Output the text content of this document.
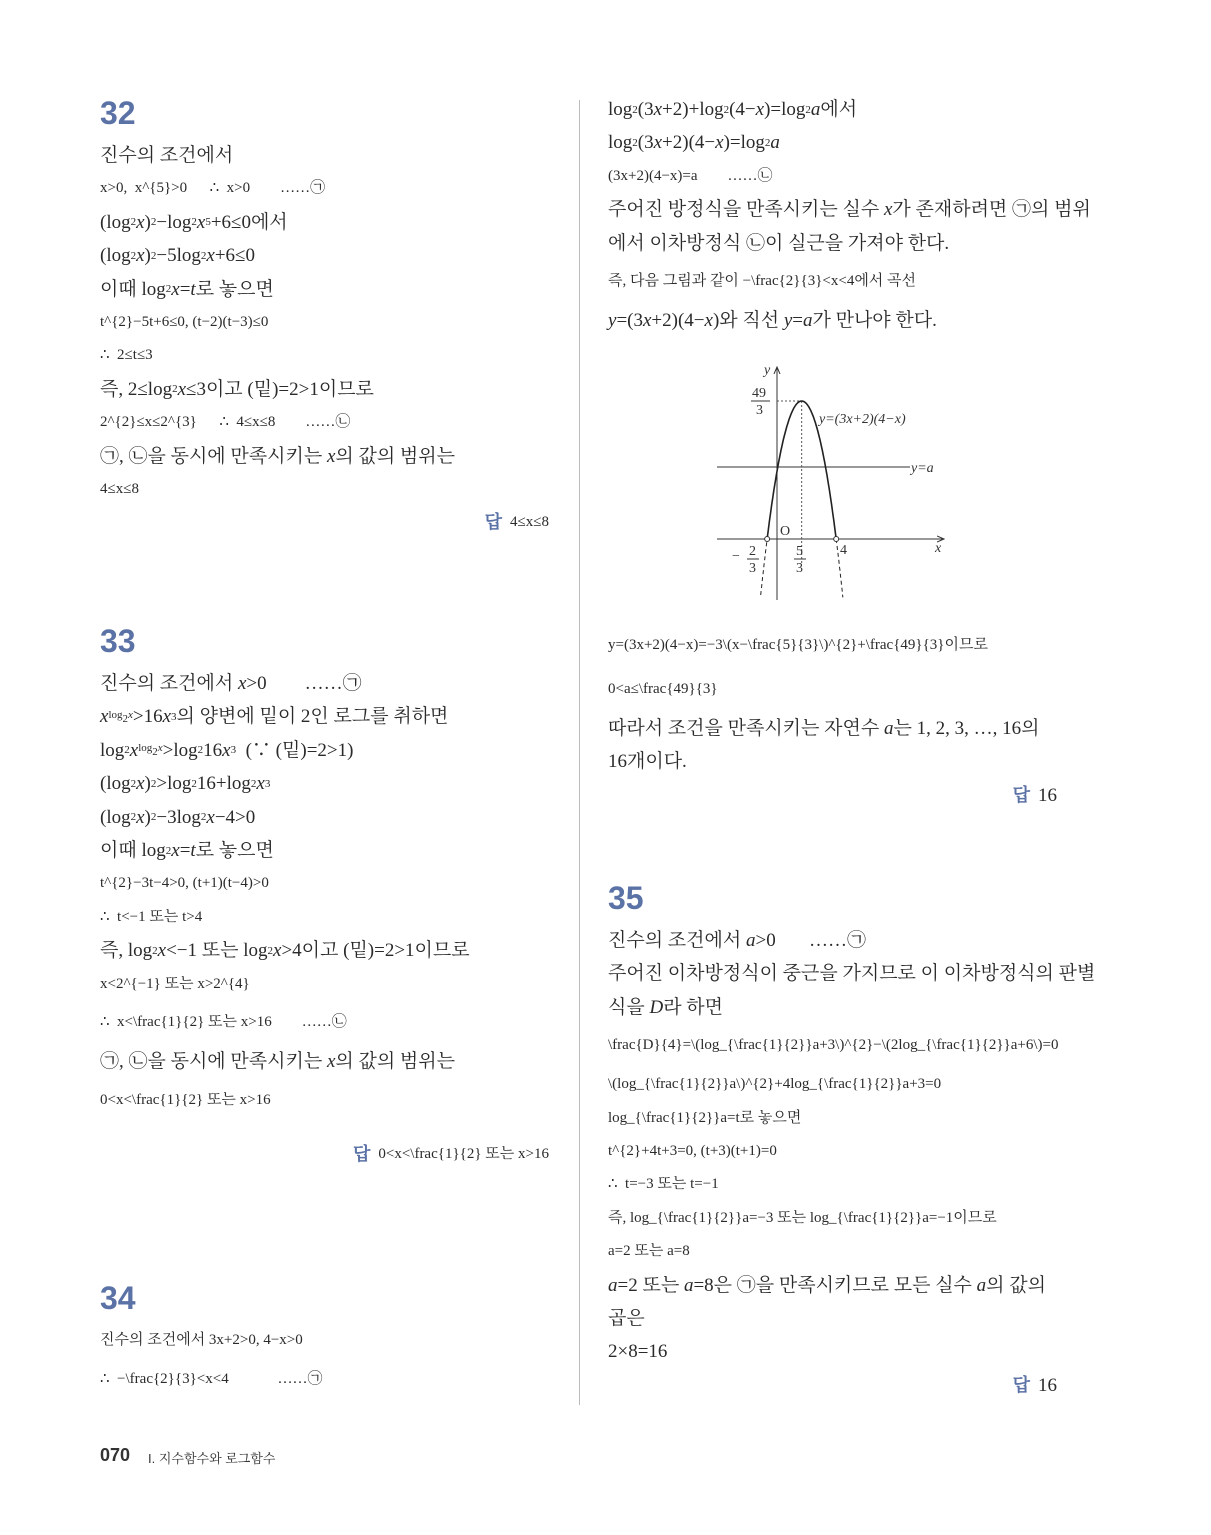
32
진수의 조건에서
x>0,  x^{5}>0      ∴  x>0        ……㉠
(log 2 x ) 2 −log 2 x 5 +6≤0에서
(log 2 x ) 2 −5log 2 x +6≤0
이때 log 2 x = t 로 놓으면
t^{2}−5t+6≤0, (t−2)(t−3)≤0
∴  2≤t≤3
즉, 2≤log 2 x ≤3이고 (밑)=2>1이므로
2^{2}≤x≤2^{3}      ∴  4≤x≤8        ……㉡
㉠, ㉡을 동시에 만족시키는 x 의 값의 범위는
4≤x≤8
답 4≤x≤8
33
진수의 조건에서 x >0        ……㉠
x $\log_2x >16$ x 3 의 양변에 밑이 2인 로그를 취하면
log 2 x $\log_2x >\log$ 2 16 x 3 (∵ (밑)=2>1)
(log 2 x ) 2 >log 2 16+log 2 x 3
(log 2 x ) 2 −3log 2 x −4>0
이때 log 2 x = t 로 놓으면
t^{2}−3t−4>0, (t+1)(t−4)>0
∴  t<−1 또는 t>4
즉, log 2 x <−1 또는 log 2 x >4이고 (밑)=2>1이므로
x<2^{−1} 또는 x>2^{4}
∴  x<\frac{1}{2} 또는 x>16        ……㉡
㉠, ㉡을 동시에 만족시키는 x 의 값의 범위는
0<x<\frac{1}{2} 또는 x>16
답 0<x<\frac{1}{2} 또는 x>16
34
진수의 조건에서 3x+2>0, 4−x>0
∴  −\frac{2}{3}<x<4             ……㉠
log 2 (3 x +2)+log 2 (4− x )=log 2 a 에서
log 2 (3 x +2)(4− x )=log 2 a
(3x+2)(4−x)=a        ……㉡
주어진 방정식을 만족시키는 실수 x 가 존재하려면 ㉠의 범위
에서 이차방정식 ㉡이 실근을 가져야 한다.
즉, 다음 그림과 같이 −\frac{2}{3}<x<4에서 곡선
y =(3 x +2)(4− x )와 직선 y = a 가 만나야 한다.
y
x
O
y=(3x+2)(4−x)
y=a
49
3
− 2
3
5
3
4
y=(3x+2)(4−x)=−3\(x−\frac{5}{3}\)^{2}+\frac{49}{3}이므로
0<a≤\frac{49}{3}
따라서 조건을 만족시키는 자연수 a 는 1, 2, 3, …, 16의
16개이다.
답 16
35
진수의 조건에서 a >0       ……㉠
주어진 이차방정식이 중근을 가지므로 이 이차방정식의 판별
식을 D 라 하면
\frac{D}{4}=\(log_{\frac{1}{2}}a+3\)^{2}−\(2log_{\frac{1}{2}}a+6\)=0
\(log_{\frac{1}{2}}a\)^{2}+4log_{\frac{1}{2}}a+3=0
log_{\frac{1}{2}}a=t로 놓으면
t^{2}+4t+3=0, (t+3)(t+1)=0
∴  t=−3 또는 t=−1
즉, log_{\frac{1}{2}}a=−3 또는 log_{\frac{1}{2}}a=−1이므로
a=2 또는 a=8
a =2 또는 a =8은 ㉠을 만족시키므로 모든 실수 a 의 값의
곱은
2×8=16
답 16
070 I. 지수함수와 로그함수
